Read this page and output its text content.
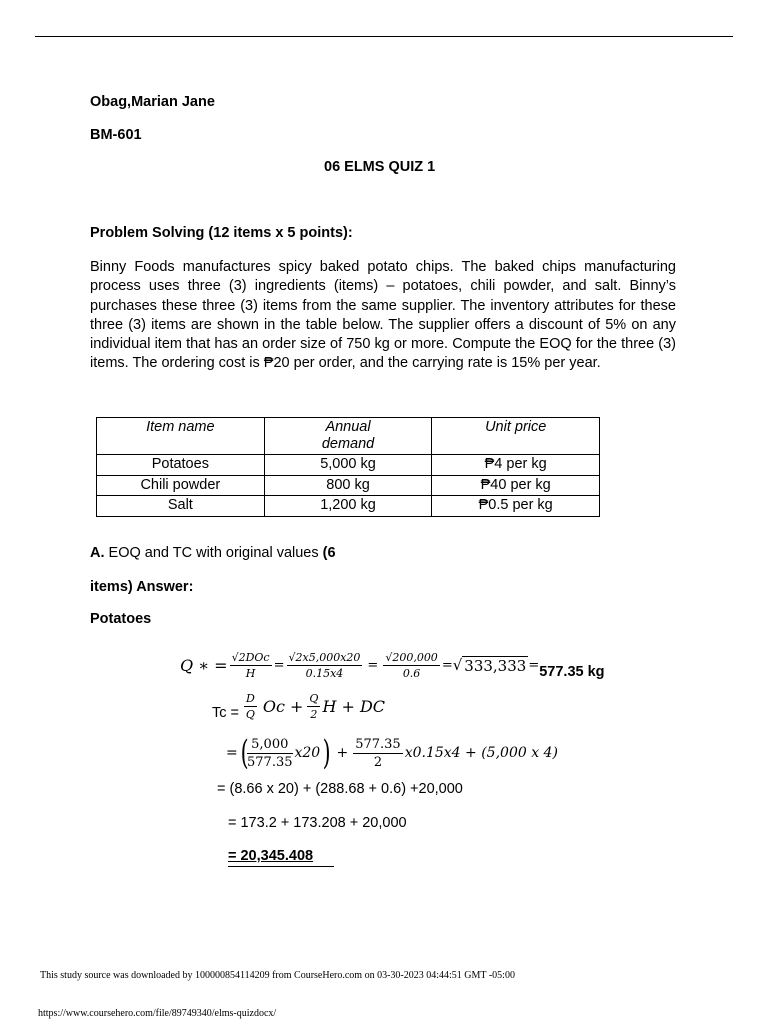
Obag,Marian Jane
BM-601
06 ELMS QUIZ 1
Problem Solving (12 items x 5 points):
Binny Foods manufactures spicy baked potato chips. The baked chips manufacturing process uses three (3) ingredients (items) – potatoes, chili powder, and salt. Binny’s purchases these three (3) items from the same supplier. The inventory attributes for these three (3) items are shown in the table below. The supplier offers a discount of 5% on any individual item that has an order size of 750 kg or more. Compute the EOQ for the three (3) items. The ordering cost is ₱20 per order, and the carrying rate is 15% per year.
Item name	Annual demand	Unit price
Potatoes	5,000 kg	₱4 per kg
Chili powder	800 kg	₱40 per kg
Salt	1,200 kg	₱0.5 per kg
A. EOQ and TC with original values (6
items) Answer:
Potatoes
Q ∗ = $\frac{\text{√2DOc}}{H} = \frac{√2x5,000x20}{0.15x4} = \frac{√200,000}{0.6}$ = √ 333,333 = 577.35 kg
$Tc = \frac{D}{Q}$ $Oc + \frac{Q}{2}$ H + DC
= (
$\frac{5,000}{577.35} x20$ ) + $\frac{577.35}{2} x0.15x4 + (5,000$ x 4)
= (8.66 x 20) + (288.68 + 0.6) +20,000
= 173.2 + 173.208 + 20,000
= 20,345.408
This study source was downloaded by 100000854114209 from CourseHero.com on 03-30-2023 04:44:51 GMT -05:00
https://www.coursehero.com/file/89749340/elms-quizdocx/
